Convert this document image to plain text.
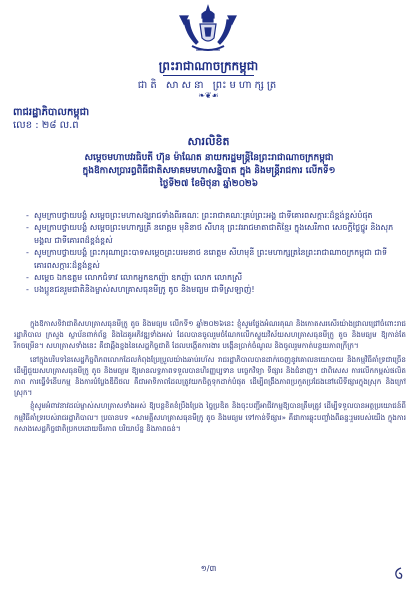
ព្រះរាជាណាចក្រកម្ពុជា
ជាតិ សាសនា ព្រះមហាក្សត្រ
❧❦☙
ពាជរដ្ឋាភិបាលកម្ពុជា
លេខ : ២៨ ល.ព
សារលិខិត
សម្ដេចមហាបវរធិបតី ហ៊ុន ម៉ាណែត នាយករដ្ឋមន្ត្រីនៃព្រះរាជាណាចក្រកម្ពុជា
ក្នុងឱកាសប្រារព្ធពិធីជាតិសមាគមមហាសន្និបាត ក្នុង និងមន្ត្រីរាជការ លើកទី១
ថ្ងៃទី២៧ ខែមិថុនា ឆ្នាំ២០២៦
- សូមក្រាបថ្វាយបង្គំ សម្ដេចព្រះមហាសង្ឃរាជទាំងពីរគណៈ ព្រះរាជាគណៈគ្រប់ព្រះអង្គ ជាទីគោរពសក្ការៈដ៏ខ្ពង់ខ្ពស់បំផុត
- សូមក្រាបថ្វាយបង្គំ សម្ដេចព្រះមហាក្សត្រី នរោត្ដម មុនិនាថ សីហនុ ព្រះវររាជមាតាជាតិខ្មែរ ក្នុងសេរីភាព សេចក្ដីថ្លៃថ្នូរ និងសុភមង្គល ជាទីគោរពដ៏ខ្ពង់ខ្ពស់
- សូមក្រាបថ្វាយបង្គំ ព្រះករុណាព្រះបាទសម្ដេចព្រះបរមនាថ នរោត្ដម សីហមុនី ព្រះមហាក្សត្រនៃព្រះរាជាណាចក្រកម្ពុជា ជាទីគោរពសក្ការៈដ៏ខ្ពង់ខ្ពស់
- សម្ដេច ឯកឧត្ដម លោកជំទាវ លោកអ្នកឧកញ៉ា ឧកញ៉ា លោក លោកស្រី
- បងប្អូនជនរួមជាតិនិងម្ចាស់សហគ្រាសធុនមីក្រូ តូច និងមធ្យម ជាទីស្រឡាញ់!

ក្នុងឱកាសទិវាជាតិសហគ្រាសធុនមីក្រូ តូច និងមធ្យម លើកទី១ ឆ្នាំ២០២៦នេះ ខ្ញុំសូមថ្លែងអំណរគុណ និងកោតសរសើរយ៉ាងជ្រាលជ្រៅចំពោះរាជរដ្ឋាភិបាល ក្រសួង ស្ថាប័នពាក់ព័ន្ធ និងដៃគូអភិវឌ្ឍទាំងអស់ ដែលបានចូលរួមចំណែកលើកស្ទួយវិស័យសហគ្រាសធុនមីក្រូ តូច និងមធ្យម ឱ្យកាន់តែរីកចម្រើន។ សហគ្រាសទាំងនេះ គឺជាឆ្អឹងខ្នងនៃសេដ្ឋកិច្ចជាតិ ដែលបង្កើតការងារ បង្កើនប្រាក់ចំណូល និងចូលរួមកាត់បន្ថយភាពក្រីក្រ។

នៅក្នុងបរិបទនៃសេដ្ឋកិច្ចពិភពលោកដែលកំពុងប្រែប្រួលយ៉ាងឆាប់រហ័ស រាជរដ្ឋាភិបាលបានដាក់ចេញនូវគោលនយោបាយ និងកម្មវិធីគាំទ្រជាច្រើន ដើម្បីជួយសហគ្រាសធុនមីក្រូ តូច និងមធ្យម ឱ្យមានលទ្ធភាពទទួលបានហិរញ្ញប្បទាន បច្ចេកវិទ្យា ទីផ្សារ និងជំនាញ។ ជាពិសេស ការលើកកម្ពស់ផលិតភាព ការធ្វើទំនើបកម្ម និងការបំប្លែងឌីជីថល គឺជាអាទិភាពដែលត្រូវយកចិត្តទុកដាក់បំផុត ដើម្បីពង្រឹងភាពប្រកួតប្រជែងនៅលើទីផ្សារក្នុងស្រុក និងក្រៅស្រុក។

ខ្ញុំសូមអំពាវនាវដល់ម្ចាស់សហគ្រាសទាំងអស់ ឱ្យបន្តខិតខំប្រឹងប្រែង ច្នៃប្រឌិត និងចុះបញ្ជីអាជីវកម្មឱ្យបានត្រឹមត្រូវ ដើម្បីទទួលបានអត្ថប្រយោជន៍ពីកម្មវិធីគាំទ្ររបស់រាជរដ្ឋាភិបាល។ ប្រធានបទ «សាមគ្គីសហគ្រាសធុនមីក្រូ តូច និងមធ្យម ទៅកាន់ទីផ្សារ» គឺជាការឆ្លុះបញ្ចាំងពីឆន្ទៈរួមរបស់យើង ក្នុងការកសាងសេដ្ឋកិច្ចជាតិប្រកបដោយចីរភាព បរិយាប័ន្ន និងភាពធន់។

១/៣
